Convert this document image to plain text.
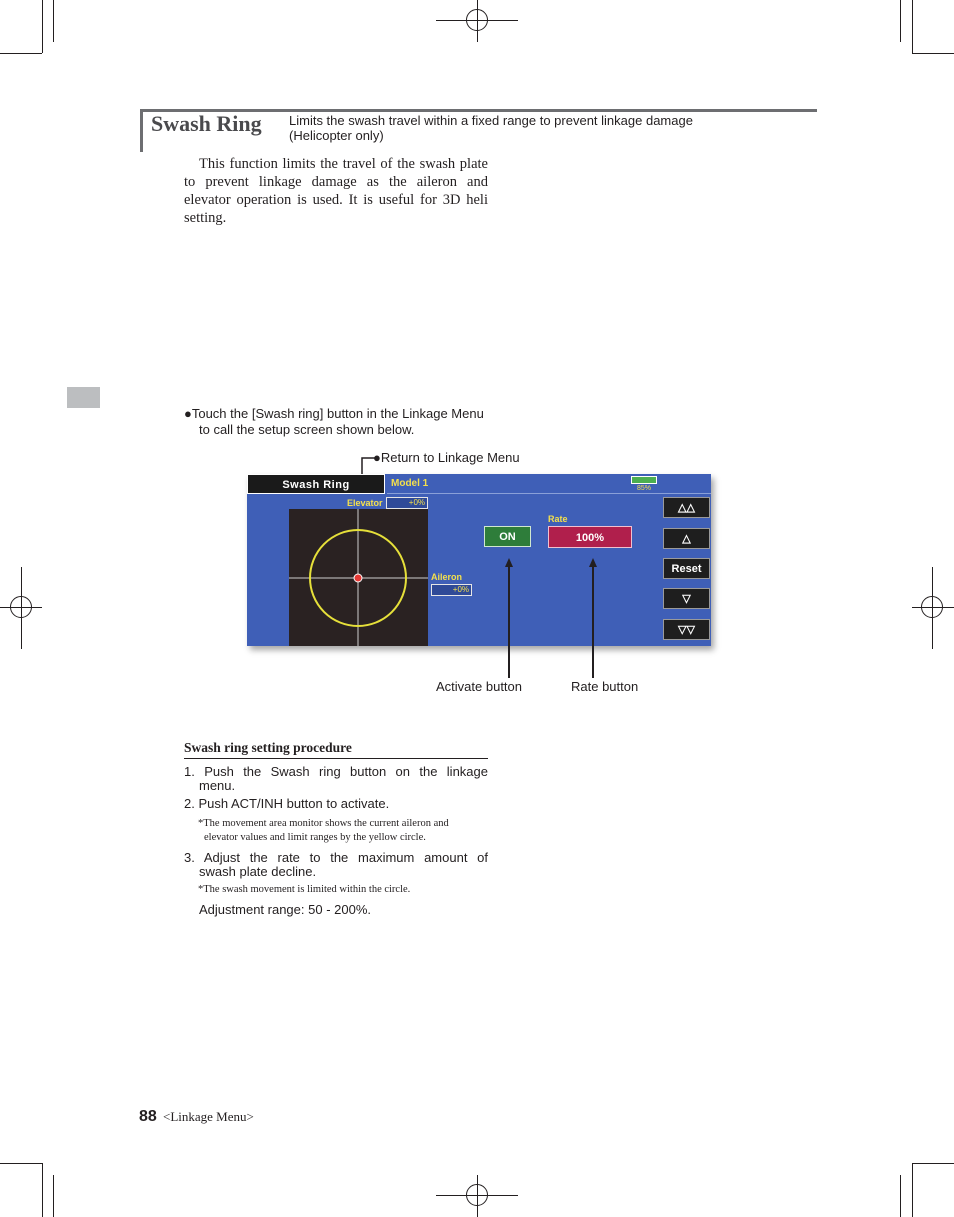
Swash Ring Limits the swash travel within a fixed range to prevent linkage damage
(Helicopter only)

This function limits the travel of the swash plate to prevent linkage damage as the aileron and elevator operation is used. It is useful for 3D heli setting.

●Touch the [Swash ring] button in the Linkage Menu
to call the setup screen shown below.
●Return to Linkage Menu
Swash Ring	Model 1	85%
Elevator	+0%
Aileron
+0%
Rate
ON	100%
△△
△
Reset
▽
▽▽
Activate button	Rate button
Swash ring setting procedure
1. Push the Swash ring button on the linkage
menu.
2. Push ACT/INH button to activate.
*The movement area monitor shows the current aileron and
elevator values and limit ranges by the yellow circle.
3. Adjust the rate to the maximum amount of
swash plate decline.
*The swash movement is limited within the circle.
Adjustment range: 50 - 200%.
88 <Linkage Menu>
